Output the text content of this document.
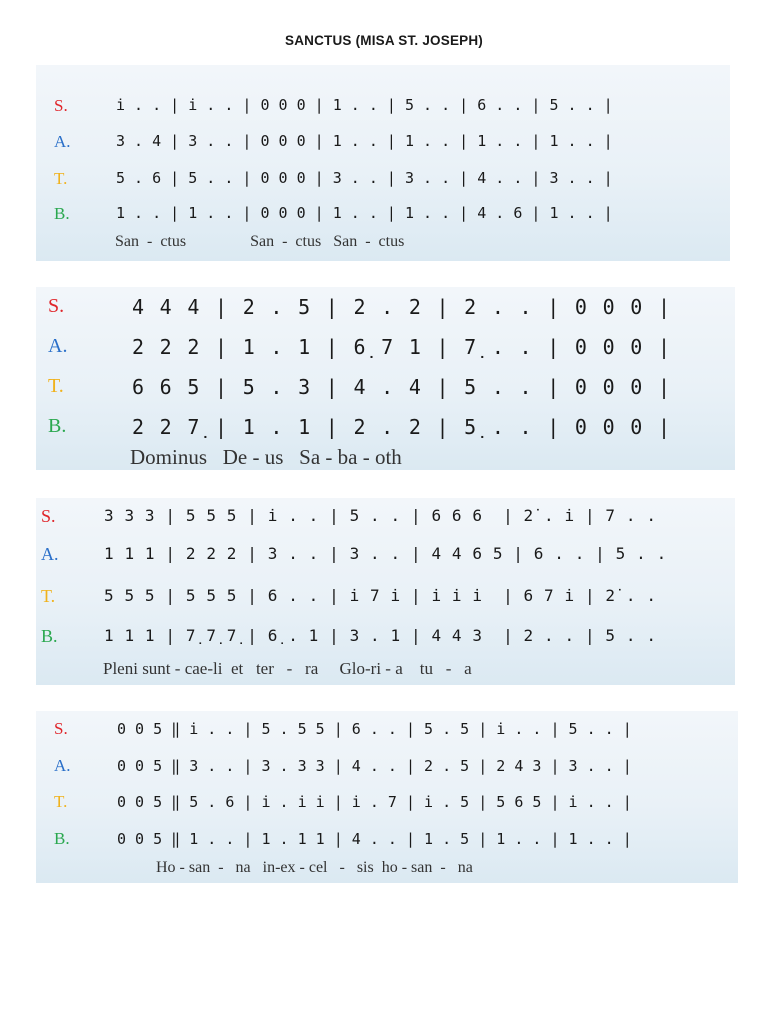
SANCTUS (MISA ST. JOSEPH)
S.
A.
T.
B.
i̇ . . | i̇ . . | 0 0 0 | 1 . . | 5 . . | 6 . . | 5 . . |
3 . 4 | 3 . . | 0 0 0 | 1 . . | 1 . . | 1 . . | 1 . . |
5 . 6 | 5 . . | 0 0 0 | 3 . . | 3 . . | 4 . . | 3 . . |
1 . . | 1 . . | 0 0 0 | 1 . . | 1 . . | 4 . 6 | 1 . . |
San  -  ctus                San  -  ctus   San  -  ctus
S.
A.
T.
B.
4 4 4 | 2 . 5 | 2 . 2 | 2 . . | 0 0 0 |
2 2 2 | 1 . 1 | 6̣ 7 1 | 7̣ . . | 0 0 0 |
6 6 5 | 5 . 3 | 4 . 4 | 5 . . | 0 0 0 |
2 2 7̣ | 1 . 1 | 2 . 2 | 5̣ . . | 0 0 0 |
Dominus   De - us   Sa - ba - oth
S.
A.
T.
B.
3 3 3 | 5 5 5 | i̇ . . | 5 . . | 6 6 6  | 2̇ . i̇ | 7 . .
1 1 1 | 2 2 2 | 3 . . | 3 . . | 4 4 6 5 | 6 . . | 5 . .
5 5 5 | 5 5 5 | 6 . . | i̇ 7 i̇ | i̇ i̇ i̇  | 6 7 i̇ | 2̇ . .
1 1 1 | 7̣ 7̣ 7̣ | 6̣ . 1 | 3 . 1 | 4 4 3  | 2 . . | 5 . .
Pleni sunt - cae-li  et   ter   -   ra     Glo-ri - a    tu   -   a
S.
A.
T.
B.
0 0 5 ‖ i̇ . . | 5 . 5 5 | 6 . . | 5 . 5 | i̇ . . | 5 . . |
0 0 5 ‖ 3 . . | 3 . 3 3 | 4 . . | 2 . 5 | 2 4 3 | 3 . . |
0 0 5 ‖ 5 . 6 | i̇ . i̇ i̇ | i̇ . 7 | i̇ . 5 | 5 6 5 | i̇ . . |
0 0 5 ‖ 1 . . | 1 . 1 1 | 4 . . | 1 . 5 | 1 . . | 1 . . |
Ho - san  -   na   in-ex - cel   -   sis  ho - san  -   na
